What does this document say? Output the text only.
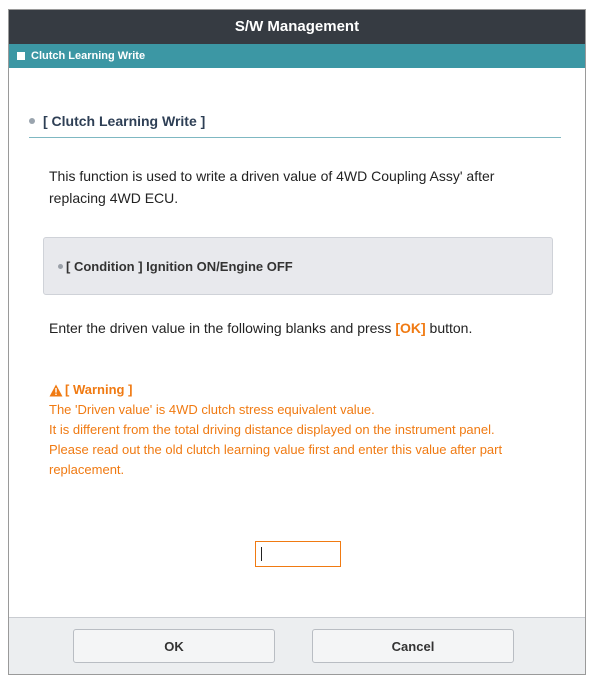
S/W Management
Clutch Learning Write
[ Clutch Learning Write ]
This function is used to write a driven value of 4WD Coupling Assy' after replacing 4WD ECU.
[ Condition ] Ignition ON/Engine OFF
Enter the driven value in the following blanks and press [OK] button.
[ Warning ]
The 'Driven value' is 4WD clutch stress equivalent value.
It is different from the total driving distance displayed on the instrument panel.
Please read out the old clutch learning value first and enter this value after part replacement.
OK	Cancel
